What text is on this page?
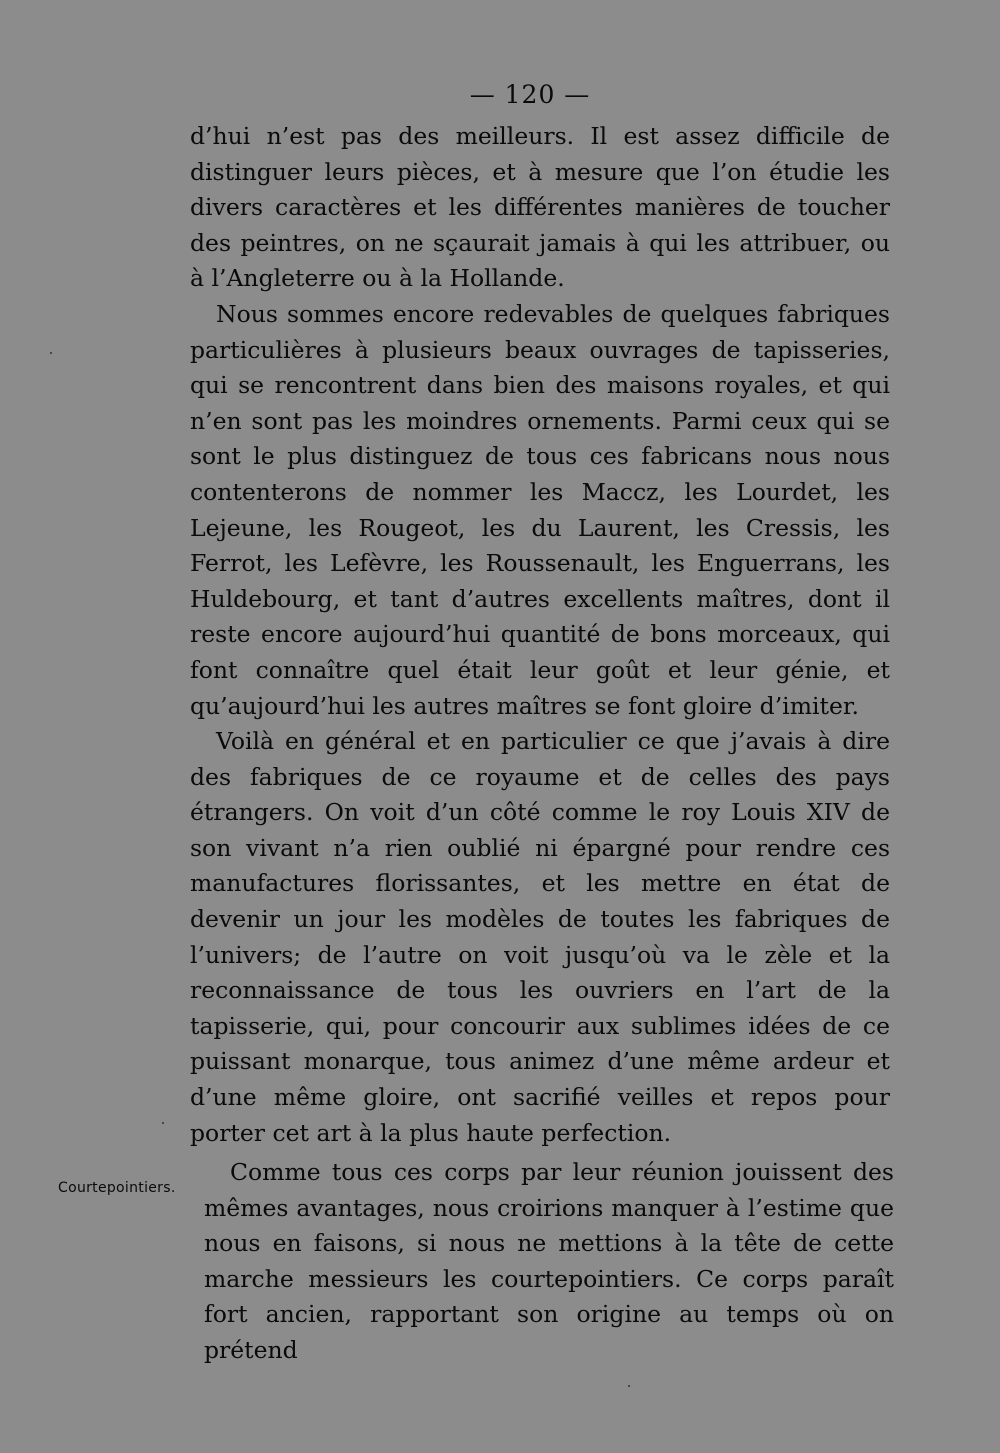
— 120 —

d’hui n’est pas des meilleurs. Il est assez difficile de distinguer leurs pièces, et à mesure que l’on étudie les divers caractères et les différentes manières de toucher des peintres, on ne sçaurait jamais à qui les attribuer, ou à l’Angleterre ou à la Hollande.

Nous sommes encore redevables de quelques fabriques particulières à plusieurs beaux ouvrages de tapisseries, qui se rencontrent dans bien des maisons royales, et qui n’en sont pas les moindres ornements. Parmi ceux qui se sont le plus distinguez de tous ces fabricans nous nous contenterons de nommer les Maccz, les Lourdet, les Lejeune, les Rougeot, les du Laurent, les Cressis, les Ferrot, les Lefèvre, les Roussenault, les Enguerrans, les Huldebourg, et tant d’autres excellents maîtres, dont il reste encore aujourd’hui quantité de bons morceaux, qui font connaître quel était leur goût et leur génie, et qu’aujourd’hui les autres maîtres se font gloire d’imiter.

Voilà en général et en particulier ce que j’avais à dire des fabriques de ce royaume et de celles des pays étrangers. On voit d’un côté comme le roy Louis XIV de son vivant n’a rien oublié ni épargné pour rendre ces manufactures florissantes, et les mettre en état de devenir un jour les modèles de toutes les fabriques de l’univers; de l’autre on voit jusqu’où va le zèle et la reconnaissance de tous les ouvriers en l’art de la tapisserie, qui, pour concourir aux sublimes idées de ce puissant monarque, tous animez d’une même ardeur et d’une même gloire, ont sacrifié veilles et repos pour porter cet art à la plus haute perfection.

Courtepointiers.

Comme tous ces corps par leur réunion jouissent des mêmes avantages, nous croirions manquer à l’estime que nous en faisons, si nous ne mettions à la tête de cette marche messieurs les courtepointiers. Ce corps paraît fort ancien, rapportant son origine au temps où on prétend
